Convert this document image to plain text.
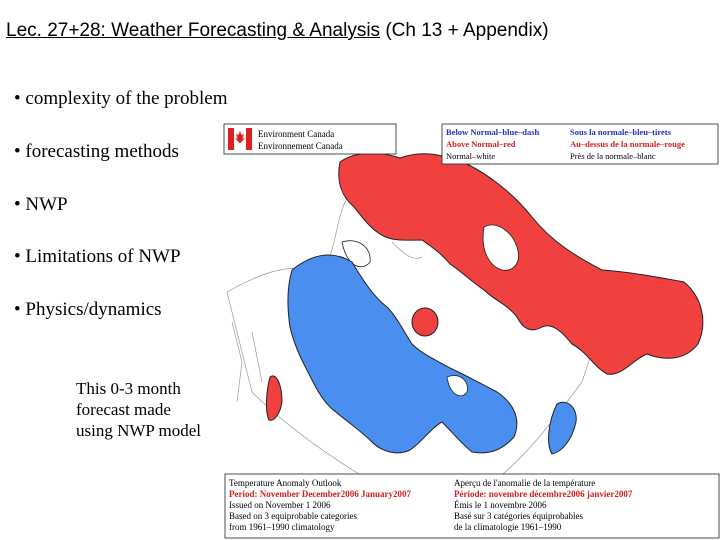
Lec. 27+28: Weather Forecasting & Analysis (Ch 13 + Appendix)
• complexity of the problem
• forecasting methods
• NWP
• Limitations of NWP
• Physics/dynamics
This 0-3 month
forecast made
using NWP model
Environment Canada
Environnement Canada
Below Normal–blue–dash
Above Normal–red
Normal–white
Sous la normale–bleu–tirets
Au–dessus de la normale–rouge
Près de la normale–blanc
Temperature Anomaly Outlook
Period: November December2006 January2007
Issued on November 1 2006
Based on 3 equiprobable categories
from 1961–1990 climatology
Aperçu de l'anomalie de la température
Période: novembre décembre2006 janvier2007
Émis le 1 novembre 2006
Basé sur 3 catégories équiprobables
de la climatologie 1961–1990
